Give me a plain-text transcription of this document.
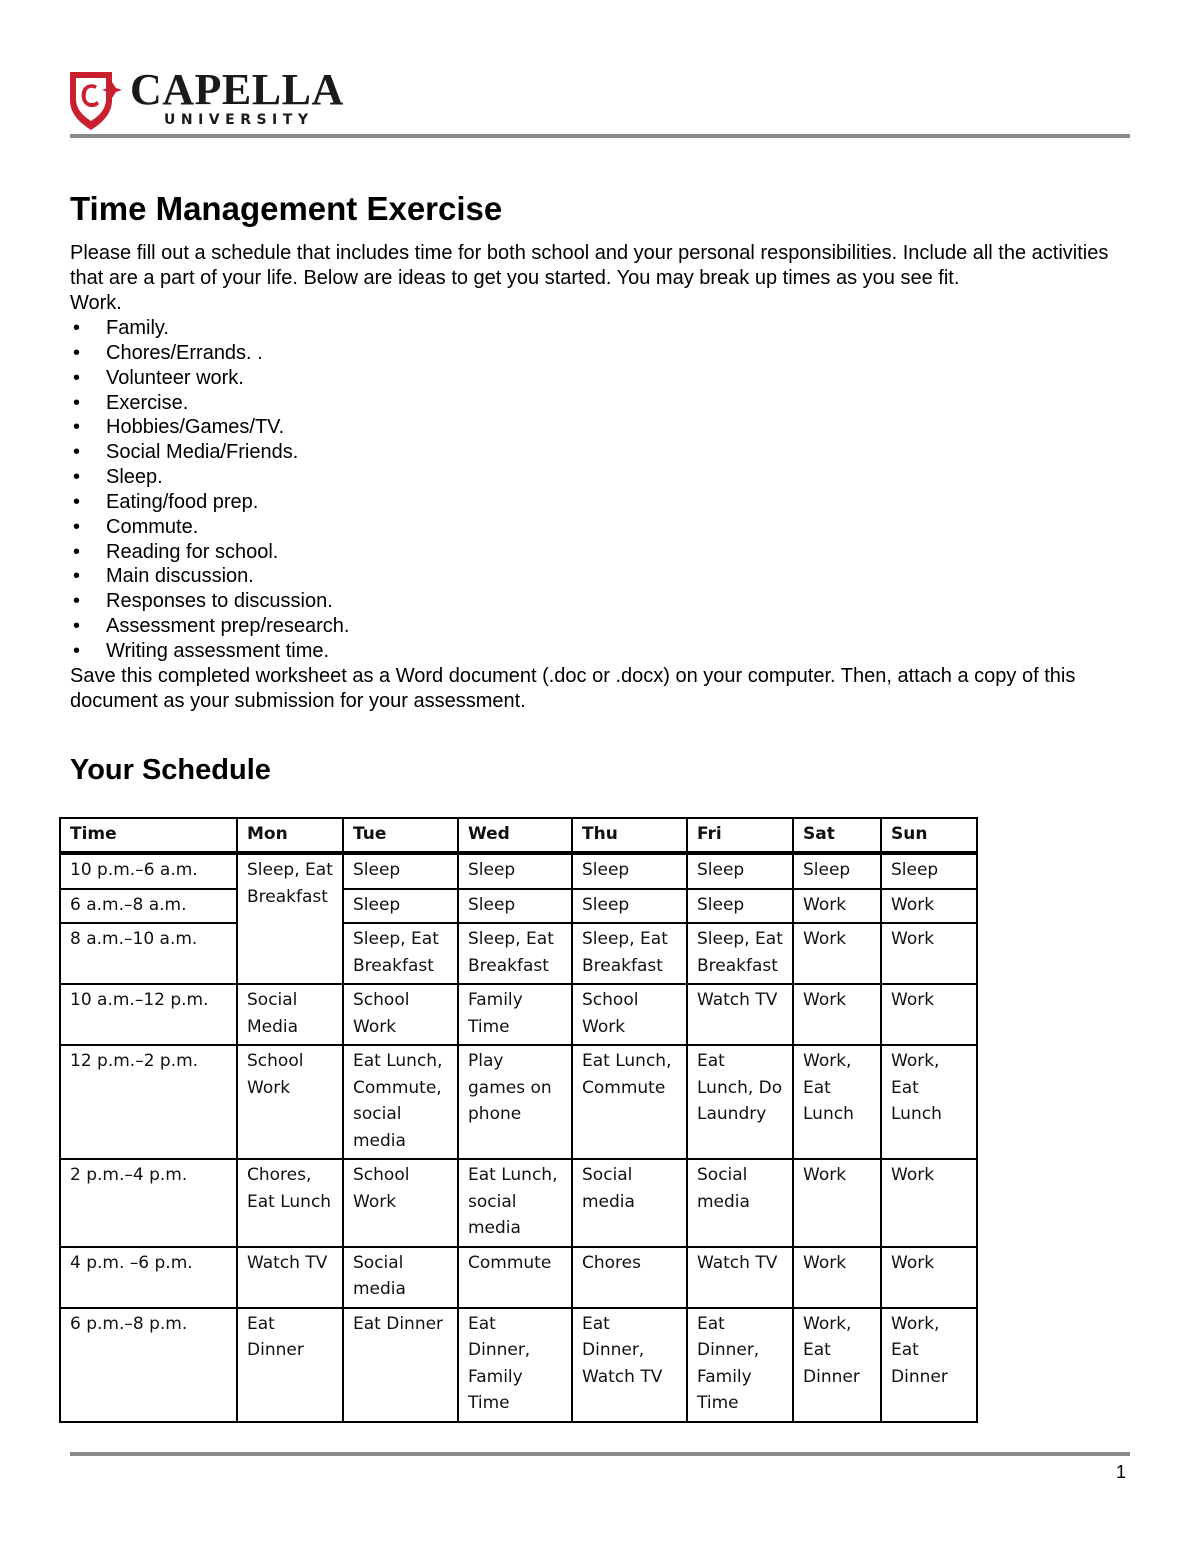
CAPELLA
UNIVERSITY
Time Management Exercise

Please fill out a schedule that includes time for both school and your personal responsibilities. Include all the activities that are a part of your life. Below are ideas to get you started. You may break up times as you see fit.

Work.

• Family.
• Chores/Errands. .
• Volunteer work.
• Exercise.
• Hobbies/Games/TV.
• Social Media/Friends.
• Sleep.
• Eating/food prep.
• Commute.
• Reading for school.
• Main discussion.
• Responses to discussion.
• Assessment prep/research.
• Writing assessment time.

Save this completed worksheet as a Word document (.doc or .docx) on your computer. Then, attach a copy of this document as your submission for your assessment.

Your Schedule
Time	Mon	Tue	Wed	Thu	Fri	Sat	Sun
10 p.m.–6 a.m.	Sleep, Eat Breakfast	Sleep	Sleep	Sleep	Sleep	Sleep	Sleep
6 a.m.–8 a.m.		Sleep	Sleep	Sleep	Sleep	Work	Work
8 a.m.–10 a.m.		Sleep, Eat Breakfast	Sleep, Eat Breakfast	Sleep, Eat Breakfast	Sleep, Eat Breakfast	Work	Work
10 a.m.–12 p.m.	Social Media	School Work	Family Time	School Work	Watch TV	Work	Work
12 p.m.–2 p.m.	School Work	Eat Lunch, Commute, social media	Play games on phone	Eat Lunch, Commute	Eat Lunch, Do Laundry	Work, Eat Lunch	Work, Eat Lunch
2 p.m.–4 p.m.	Chores, Eat Lunch	School Work	Eat Lunch, social media	Social media	Social media	Work	Work
4 p.m. –6 p.m.	Watch TV	Social media	Commute	Chores	Watch TV	Work	Work
6 p.m.–8 p.m.	Eat Dinner	Eat Dinner	Eat Dinner, Family Time	Eat Dinner, Watch TV	Eat Dinner, Family Time	Work, Eat Dinner	Work, Eat Dinner
1
